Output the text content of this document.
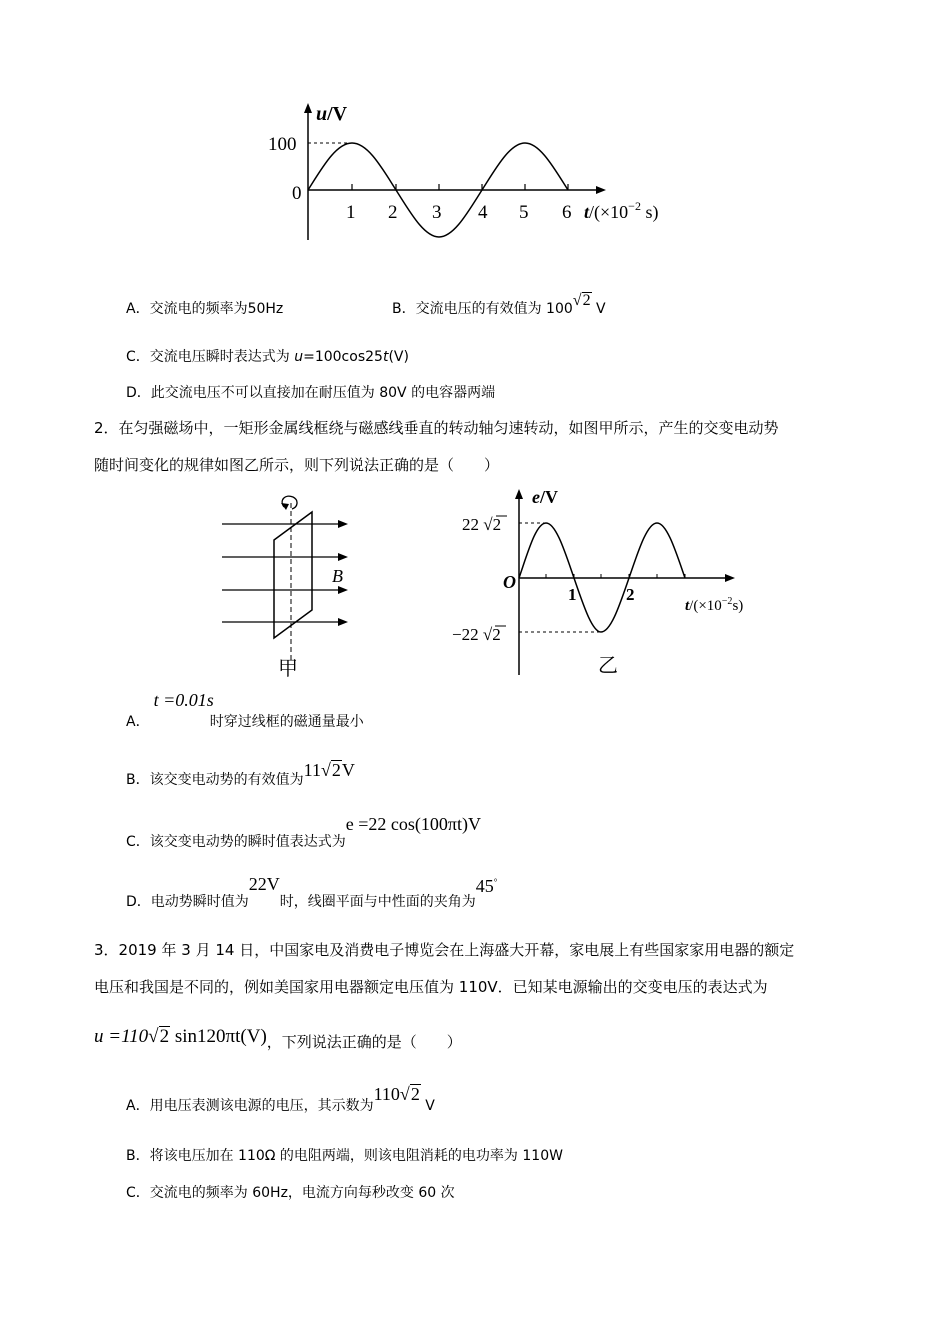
u/V
100
0
1 2 3 4 5 6 $t/(\times 10^{-2}$ s)
A．交流电的频率为50Hz	B．交流电压的有效值为 100√2 V
C．交流电压瞬时表达式为 u=100cos25t(V)
D．此交流电压不可以直接加在耐压值为 80V 的电容器两端
2．在匀强磁场中，一矩形金属线框绕与磁感线垂直的转动轴匀速转动，如图甲所示，产生的交变电动势
随时间变化的规律如图乙所示，则下列说法正确的是（　　）
B
甲
e/V
22 √2
−22 √2
O
1	2
$t/(\times 10^{-2}s)$
乙
A．t =0.01s时穿过线框的磁通量最小
B．该交变电动势的有效值为11√2V
C．该交变电动势的瞬时值表达式为e =22 cos(100πt)V
D．电动势瞬时值为22V时，线圈平面与中性面的夹角为45°
3．2019 年 3 月 14 日，中国家电及消费电子博览会在上海盛大开幕，家电展上有些国家家用电器的额定
电压和我国是不同的，例如美国家用电器额定电压值为 110V．已知某电源输出的交变电压的表达式为
u =110√2 sin120πt(V)，下列说法正确的是（　　）
A．用电压表测该电源的电压，其示数为110√2 V
B．将该电压加在 110Ω 的电阻两端，则该电阻消耗的电功率为 110W
C．交流电的频率为 60Hz，电流方向每秒改变 60 次
